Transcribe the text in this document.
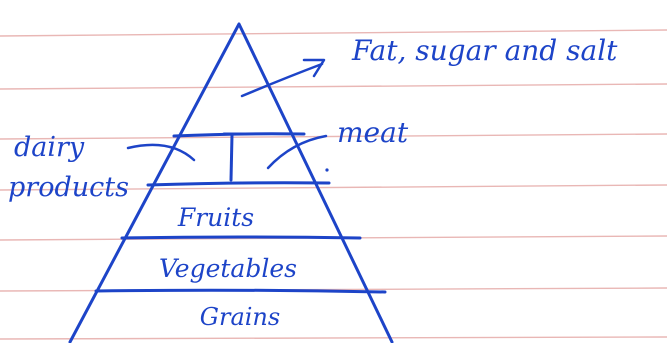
Grains
Vegetables
Fruits
Fat, sugar and salt
dairy
products
meat
